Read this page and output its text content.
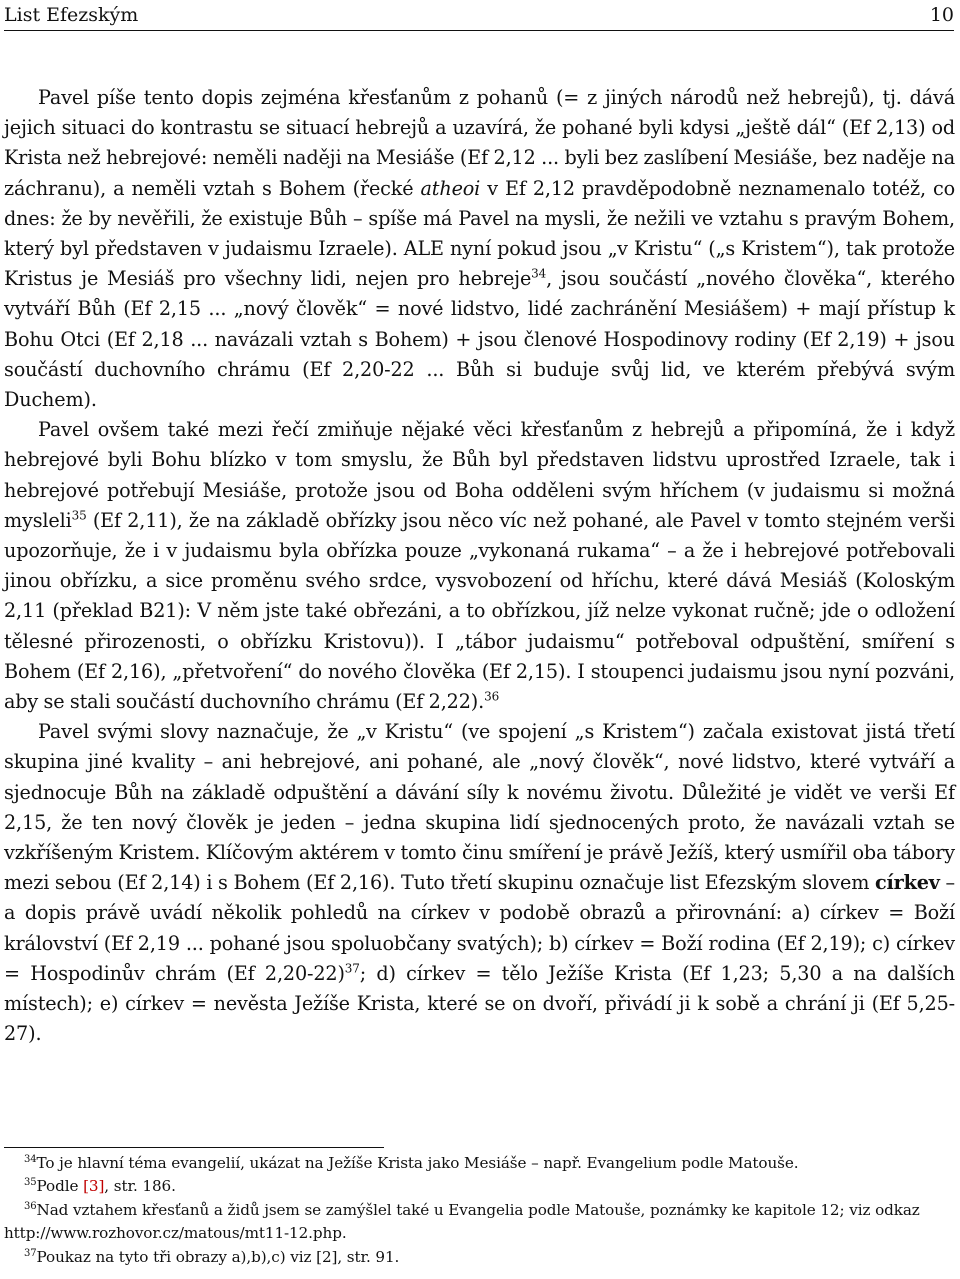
List Efezským	10

Pavel píše tento dopis zejména křesťanům z pohanů (= z jiných národů než hebrejů), tj. dává jejich situaci do kontrastu se situací hebrejů a uzavírá, že pohané byli kdysi „ještě dál“ (Ef 2,13) od Krista než hebrejové: neměli naději na Mesiáše (Ef 2,12 ... byli bez zaslíbení Mesiáše, bez naděje na záchranu), a neměli vztah s Bohem (řecké atheoi v Ef 2,12 pravděpodobně neznamenalo totéž, co dnes: že by nevěřili, že existuje Bůh – spíše má Pavel na mysli, že nežili ve vztahu s pravým Bohem, který byl představen v judaismu Izraele). ALE nyní pokud jsou „v Kristu“ („s Kristem“), tak protože Kristus je Mesiáš pro všechny lidi, nejen pro hebreje$^{34}$, jsou součástí „nového člověka“, kterého vytváří Bůh (Ef 2,15 ... „nový člověk“ = nové lidstvo, lidé zachránění Mesiášem) + mají přístup k Bohu Otci (Ef 2,18 ... navázali vztah s Bohem) + jsou členové Hospodinovy rodiny (Ef 2,19) + jsou součástí duchovního chrámu (Ef 2,20-22 ... Bůh si buduje svůj lid, ve kterém přebývá svým Duchem).

Pavel ovšem také mezi řečí zmiňuje nějaké věci křesťanům z hebrejů a připomíná, že i když hebrejové byli Bohu blízko v tom smyslu, že Bůh byl představen lidstvu uprostřed Izraele, tak i hebrejové potřebují Mesiáše, protože jsou od Boha odděleni svým hříchem (v judaismu si možná mysleli$^{35}$ (Ef 2,11), že na základě obřízky jsou něco víc než pohané, ale Pavel v tomto stejném verši upozorňuje, že i v judaismu byla obřízka pouze „vykonaná rukama“ – a že i hebrejové potřebovali jinou obřízku, a sice proměnu svého srdce, vysvobození od hříchu, které dává Mesiáš (Koloským 2,11 (překlad B21): V něm jste také obřezáni, a to obřízkou, jíž nelze vykonat ručně; jde o odložení tělesné přirozenosti, o obřízku Kristovu)). I „tábor judaismu“ potřeboval odpuštění, smíření s Bohem (Ef 2,16), „přetvoření“ do nového člověka (Ef 2,15). I stoupenci judaismu jsou nyní pozváni, aby se stali součástí duchovního chrámu (Ef 2,22).$^{36}$

Pavel svými slovy naznačuje, že „v Kristu“ (ve spojení „s Kristem“) začala existovat jistá třetí skupina jiné kvality – ani hebrejové, ani pohané, ale „nový člověk“, nové lidstvo, které vytváří a sjednocuje Bůh na základě odpuštění a dávání síly k novému životu. Důležité je vidět ve verši Ef 2,15, že ten nový člověk je jeden – jedna skupina lidí sjednocených proto, že navázali vztah se vzkříšeným Kristem. Klíčovým aktérem v tomto činu smíření je právě Ježíš, který usmířil oba tábory mezi sebou (Ef 2,14) i s Bohem (Ef 2,16). Tuto třetí skupinu označuje list Efezským slovem církev – a dopis právě uvádí několik pohledů na církev v podobě obrazů a přirovnání: a) církev = Boží království (Ef 2,19 ... pohané jsou spoluobčany svatých); b) církev = Boží rodina (Ef 2,19); c) církev = Hospodinův chrám (Ef 2,20-22)$^{37}$; d) církev = tělo Ježíše Krista (Ef 1,23; 5,30 a na dalších místech); e) církev = nevěsta Ježíše Krista, které se on dvoří, přivádí ji k sobě a chrání ji (Ef 5,25-27).

$^{34}$To je hlavní téma evangelií, ukázat na Ježíše Krista jako Mesiáše – např. Evangelium podle Matouše.

$^{35}$Podle [3], str. 186.

$^{36}$Nad vztahem křesťanů a židů jsem se zamýšlel také u Evangelia podle Matouše, poznámky ke kapitole 12; viz odkaz http://www.rozhovor.cz/matous/mt11-12.php.

$^{37}$Poukaz na tyto tři obrazy a),b),c) viz [2], str. 91.
